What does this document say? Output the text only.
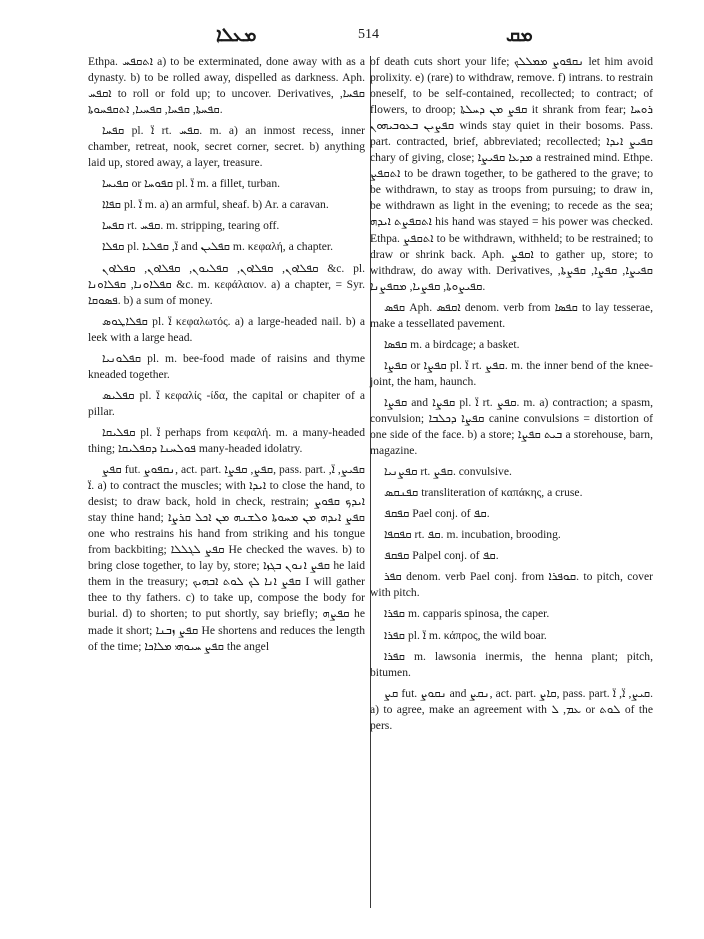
ܡܥܠܐ	514	ܡܩ

Ethpa. ܐܬܩܦܚ a) to be exterminated, done away with as a dynasty. b) to be rolled away, dispelled as darkness. Aph. ܐܩܦܚ to roll or fold up; to uncover. Derivatives, ܩܦܚܐ, ܩܦܚܬܐ, ܩܦܚܐ, ܩܦܚܝܐ, ܐܬܩܦܚܘܬܐ.

ܩܦܚܐ pl. ܐ̈ rt. ܩܦܚ. m. a) an inmost recess, inner chamber, retreat, nook, secret corner, secret. b) anything laid up, stored away, a layer, treasure.

ܩܦܝܚܐ or ܩܦܘܚܐ pl. ܐ̈ m. a fillet, turban.

ܩܦܐܐ pl. ܐ̈ m. a) an armful, sheaf. b) Ar. a caravan.

ܩܦܚܐ rt. ܩܦܚ. m. stripping, tearing off.

ܩܦܠܐ pl. ܐ̈, ܩܦܠܝܐ and ܩܦܠܝܢ m. κεφαλή, a chapter.

ܩܦܠܐܘܢ, ܩܦܠܐܘܢ, ܩܦܠܝܘܢ, ܩܦܠܐܘܢ, ܩܦܠܐܘܢ &c. pl. ܩܦܠܐܘܢܐ, ܩܦܠܐܘܢܐ &c. m. κεφάλαιον. a) a chapter, = Syr. ܦܣܘܩܐ. b) a sum of money.

ܩܦܠܐܛܘܣ pl. ܐ̈ κεφαλωτός. a) a large-headed nail. b) a leek with a large head.

ܩܦܠܘܢܝܐ pl. m. bee-food made of raisins and thyme kneaded together.

ܩܦܠܝܣ pl. ܐ̈ κεφαλίς -ίδα, the capital or chapiter of a pillar.

ܩܦܠܝܩܐ pl. ܐ̈ perhaps from κεφαλή. m. a many-headed thing; ܦܘܠܚܢܐ ܕܩܦܠܝܩܐ many-headed idolatry.

ܩܦܨ fut. ܢܩܦܘܨ, act. part. ܩܦܨ, ܩܦܨܐ, pass. part. ܩܦܝܨ, ܐ̈, ܐ̈. a) to contract the muscles; with ܐܝܕܐ to close the hand, to desist; to draw back, hold in check, restrain; ܐܝܕܟ ܩܦܘܨ stay thine hand; ܩܦܨ ܐܝܕܗ ܡܢ ܡܚܘܬܐ ܘܠܫܢܗ ܡܢ ܐܟܠ ܩܪܨܐ one who restrains his hand from striking and his tongue from backbiting; ܩܦܨ ܠܓܠܠܐ He checked the waves. b) to bring close together, to lay by, store; ܩܦܨ ܐܢܘܢ ܒܓܙܐ he laid them in the treasury; ܩܦܨ ܐܢܐ ܠܟ ܠܘܬ ܐܒܗܝܟ I will gather thee to thy fathers. c) to take up, compose the body for burial. d) to shorten; to put shortly, say briefly; ܩܦܨܗ he made it short; ܩܦܨ ܙܒܢܐ He shortens and reduces the length of the time; ܩܦܨ ܚܝܘܗܝ ܡܠܐܟܐ the angel

of death cuts short your life; ܢܩܦܘܨ ܡܡܠܠܟ let him avoid prolixity. e) (rare) to withdraw, remove. f) intrans. to restrain oneself, to be self-contained, recollected; to contract; of flowers, to droop; ܩܦܨ ܡܢ ܕܚܠܬܐ it shrank from fear; ܪܘܚܐ ܩܦܨܝܢ ܒܥܘܒܝܗܘܢ winds stay quiet in their bosoms. Pass. part. contracted, brief, abbreviated; recollected; ܩܦܝܨ ܐܝܕܐ chary of giving, close; ܡܕܥܐ ܩܦܝܨܐ a restrained mind. Ethpe. ܐܬܩܦܨ to be drawn together, to be gathered to the grave; to be withdrawn, to stay as troops from pursuing; to draw in, be withdrawn as light in the evening; to recede as the sea; ܐܬܩܦܨܬ ܐܝܕܗ his hand was stayed = his power was checked. Ethpa. ܐܬܩܦܨ to be withdrawn, withheld; to be restrained; to draw or shrink back. Aph. ܐܩܦܨ to gather up, store; to withdraw, do away with. Derivatives, ܩܦܝܨܐ, ܩܦܨܐ, ܩܦܨܬܐ, ܩܦܝܨܘܬܐ, ܩܦܨܝܐ, ܡܩܦܨܢܐ.

ܩܦܣ Aph. ܐܩܦܣ denom. verb from ܩܦܣܐ to lay tesserae, make a tessellated pavement.

ܩܦܣܐ m. a birdcage; a basket.

ܩܦܨܐ or ܩܦܨܐ pl. ܐ̈ rt. ܩܦܨ. m. the inner bend of the knee-joint, the ham, haunch.

ܩܦܨܐ and ܩܦܨܐ pl. ܐ̈ rt. ܩܦܨ. m. a) contraction; a spasm, convulsion; ܩܦܨܐ ܕܟܠܒܐ canine convulsions = distortion of one side of the face. b) a store; ܒܝܬ ܩܦܨܐ a storehouse, barn, magazine.

ܩܦܨܢܝܐ rt. ܩܦܨ. convulsive.

ܩܦܢܩܣ transliteration of καπάκης, a cruse.

ܩܦܩܦ Pael conj. of ܩܦ.

ܩܦܩܦܐ rt. ܩܦ. m. incubation, brooding.

ܩܦܩܦ Palpel conj. of ܩܦ.

ܩܦܪ denom. verb Pael conj. from ܩܘܦܪܐ. to pitch, cover with pitch.

ܩܦܪܐ m. capparis spinosa, the caper.

ܩܦܪܐ pl. ܐ̈ m. κάπρος, the wild boar.

ܩܦܪܐ m. lawsonia inermis, the henna plant; pitch, bitumen.

ܩܨ fut. ܢܩܘܨ and ܢܩܨ, act. part. ܩܐܨ, pass. part. ܩܝܨ, ܐ̈, ܐ̈. a) to agree, make an agreement with ܥܡ, ܠ or ܠܘܬ of the pers.
